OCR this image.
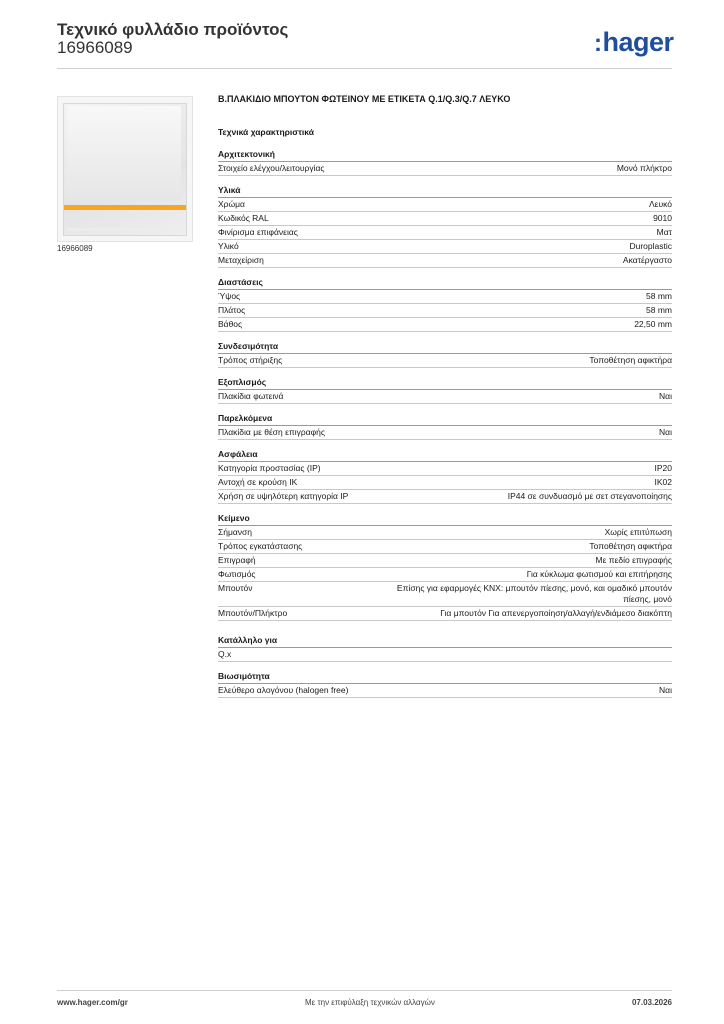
Τεχνικό φυλλάδιο προϊόντος
16966089	:hager
16966089
Β.ΠΛΑΚΙΔΙΟ ΜΠΟΥΤΟΝ ΦΩΤΕΙΝΟΥ ΜΕ ΕΤΙΚΕΤΑ Q.1/Q.3/Q.7 ΛΕΥΚΟ
Τεχνικά χαρακτηριστικά
Αρχιτεκτονική
Στοιχείο ελέγχου/λειτουργίας	Μονό πλήκτρο
Υλικά
Χρώμα	Λευκό
Κωδικός RAL	9010
Φινίρισμα επιφάνειας	Ματ
Υλικό	Duroplastic
Μεταχείριση	Ακατέργαστο
Διαστάσεις
Ύψος	58 mm
Πλάτος	58 mm
Βάθος	22,50 mm
Συνδεσιμότητα
Τρόπος στήριξης	Τοποθέτηση αφικτήρα
Εξοπλισμός
Πλακίδια φωτεινά	Ναι
Παρελκόμενα
Πλακίδια με θέση επιγραφής	Ναι
Ασφάλεια
Κατηγορία προστασίας (IP)	IP20
Αντοχή σε κρούση IK	IK02
Χρήση σε υψηλότερη κατηγορία IP	IP44 σε συνδυασμό με σετ στεγανοποίησης
Κείμενο
Σήμανση	Χωρίς επιτύπωση
Τρόπος εγκατάστασης	Τοποθέτηση αφικτήρα
Επιγραφή	Με πεδίο επιγραφής
Φωτισμός	Για κύκλωμα φωτισμού και επιτήρησης
Μπουτόν	Επίσης για εφαρμογές KNX: μπουτόν πίεσης, μονό, και ομαδικό μπουτόν πίεσης, μονό
Μπουτόν/Πλήκτρο	Για μπουτόν Για απενεργοποίηση/αλλαγή/ενδιάμεσο διακόπτη
Κατάλληλο για
Q.x
Βιωσιμότητα
Ελεύθερο αλογόνου (halogen free)	Ναι
www.hager.com/gr	Με την επιφύλαξη τεχνικών αλλαγών	07.03.2026
